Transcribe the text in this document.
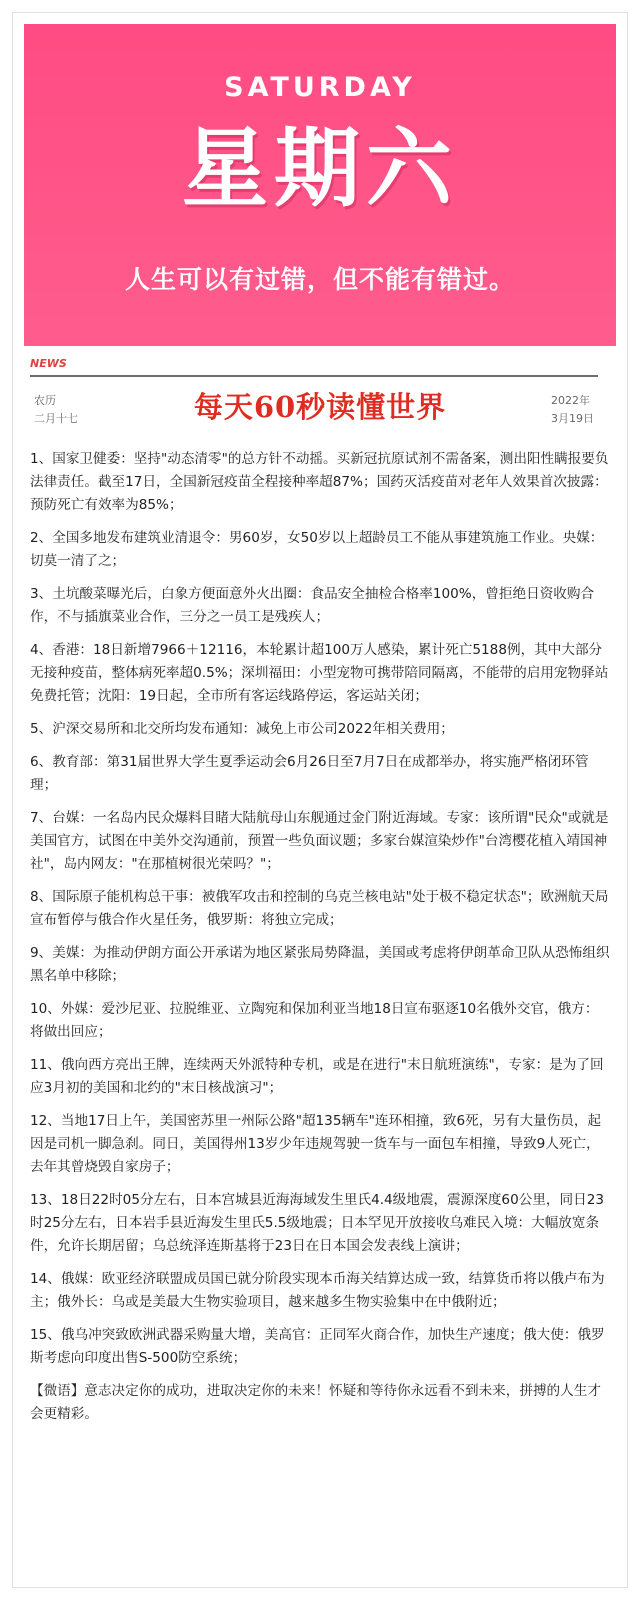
SATURDAY
星期六
人生可以有过错，但不能有错过。
NEWS
农历
二月十七	每天60秒读懂世界	2022年
3月19日
1、国家卫健委：坚持"动态清零"的总方针不动摇。买新冠抗原试剂不需备案，测出阳性瞒报要负法律责任。截至17日，全国新冠疫苗全程接种率超87%；国药灭活疫苗对老年人效果首次披露：预防死亡有效率为85%；
2、全国多地发布建筑业清退令：男60岁，女50岁以上超龄员工不能从事建筑施工作业。央媒：切莫一清了之；
3、土坑酸菜曝光后，白象方便面意外火出圈：食品安全抽检合格率100%，曾拒绝日资收购合作，不与插旗菜业合作，三分之一员工是残疾人；
4、香港：18日新增7966＋12116，本轮累计超100万人感染，累计死亡5188例，其中大部分无接种疫苗，整体病死率超0.5%；深圳福田：小型宠物可携带陪同隔离，不能带的启用宠物驿站免费托管；沈阳：19日起，全市所有客运线路停运，客运站关闭；
5、沪深交易所和北交所均发布通知：减免上市公司2022年相关费用；
6、教育部：第31届世界大学生夏季运动会6月26日至7月7日在成都举办，将实施严格闭环管理；
7、台媒：一名岛内民众爆料目睹大陆航母山东舰通过金门附近海域。专家：该所谓"民众"或就是美国官方，试图在中美外交沟通前，预置一些负面议题；多家台媒渲染炒作"台湾樱花植入靖国神社"，岛内网友："在那植树很光荣吗？"；
8、国际原子能机构总干事：被俄军攻击和控制的乌克兰核电站"处于极不稳定状态"；欧洲航天局宣布暂停与俄合作火星任务，俄罗斯：将独立完成；
9、美媒：为推动伊朗方面公开承诺为地区紧张局势降温，美国或考虑将伊朗革命卫队从恐怖组织黑名单中移除；
10、外媒：爱沙尼亚、拉脱维亚、立陶宛和保加利亚当地18日宣布驱逐10名俄外交官，俄方：将做出回应；
11、俄向西方亮出王牌，连续两天外派特种专机，或是在进行"末日航班演练"，专家：是为了回应3月初的美国和北约的"末日核战演习"；
12、当地17日上午，美国密苏里一州际公路"超135辆车"连环相撞，致6死，另有大量伤员，起因是司机一脚急刹。同日，美国得州13岁少年违规驾驶一货车与一面包车相撞，导致9人死亡，去年其曾烧毁自家房子；
13、18日22时05分左右，日本宫城县近海海域发生里氏4.4级地震，震源深度60公里，同日23时25分左右，日本岩手县近海发生里氏5.5级地震；日本罕见开放接收乌难民入境：大幅放宽条件，允许长期居留；乌总统泽连斯基将于23日在日本国会发表线上演讲；
14、俄媒：欧亚经济联盟成员国已就分阶段实现本币海关结算达成一致，结算货币将以俄卢布为主；俄外长：乌或是美最大生物实验项目，越来越多生物实验集中在中俄附近；
15、俄乌冲突致欧洲武器采购量大增，美高官：正同军火商合作，加快生产速度；俄大使：俄罗斯考虑向印度出售S-500防空系统；
【微语】意志决定你的成功，进取决定你的未来！怀疑和等待你永远看不到未来，拼搏的人生才会更精彩。
